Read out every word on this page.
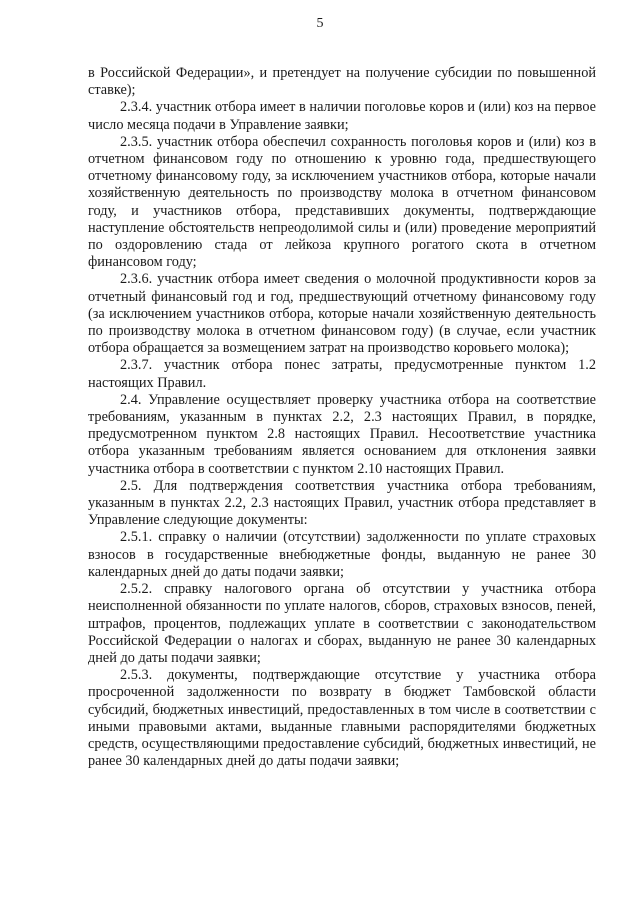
5

в Российской Федерации», и претендует на получение субсидии по повышенной ставке);

2.3.4. участник отбора имеет в наличии поголовье коров и (или) коз на первое число месяца подачи в Управление заявки;

2.3.5. участник отбора обеспечил сохранность поголовья коров и (или) коз в отчетном финансовом году по отношению к уровню года, предшествующего отчетному финансовому году, за исключением участников отбора, которые начали хозяйственную деятельность по производству молока в отчетном финансовом году, и участников отбора, представивших документы, подтверждающие наступление обстоятельств непреодолимой силы и (или) проведение мероприятий по оздоровлению стада от лейкоза крупного рогатого скота в отчетном финансовом году;

2.3.6. участник отбора имеет сведения о молочной продуктивности коров за отчетный финансовый год и год, предшествующий отчетному финансовому году (за исключением участников отбора, которые начали хозяйственную деятельность по производству молока в отчетном финансовом году) (в случае, если участник отбора обращается за возмещением затрат на производство коровьего молока);

2.3.7. участник отбора понес затраты, предусмотренные пунктом 1.2 настоящих Правил.

2.4. Управление осуществляет проверку участника отбора на соответствие требованиям, указанным в пунктах 2.2, 2.3 настоящих Правил, в порядке, предусмотренном пунктом 2.8 настоящих Правил. Несоответствие участника отбора указанным требованиям является основанием для отклонения заявки участника отбора в соответствии с пунктом 2.10 настоящих Правил.

2.5. Для подтверждения соответствия участника отбора требованиям, указанным в пунктах 2.2, 2.3 настоящих Правил, участник отбора представляет в Управление следующие документы:

2.5.1. справку о наличии (отсутствии) задолженности по уплате страховых взносов в государственные внебюджетные фонды, выданную не ранее 30 календарных дней до даты подачи заявки;

2.5.2. справку налогового органа об отсутствии у участника отбора неисполненной обязанности по уплате налогов, сборов, страховых взносов, пеней, штрафов, процентов, подлежащих уплате в соответствии с законодательством Российской Федерации о налогах и сборах, выданную не ранее 30 календарных дней до даты подачи заявки;

2.5.3. документы, подтверждающие отсутствие у участника отбора просроченной задолженности по возврату в бюджет Тамбовской области субсидий, бюджетных инвестиций, предоставленных в том числе в соответствии с иными правовыми актами, выданные главными распорядителями бюджетных средств, осуществляющими предоставление субсидий, бюджетных инвестиций, не ранее 30 календарных дней до даты подачи заявки;
